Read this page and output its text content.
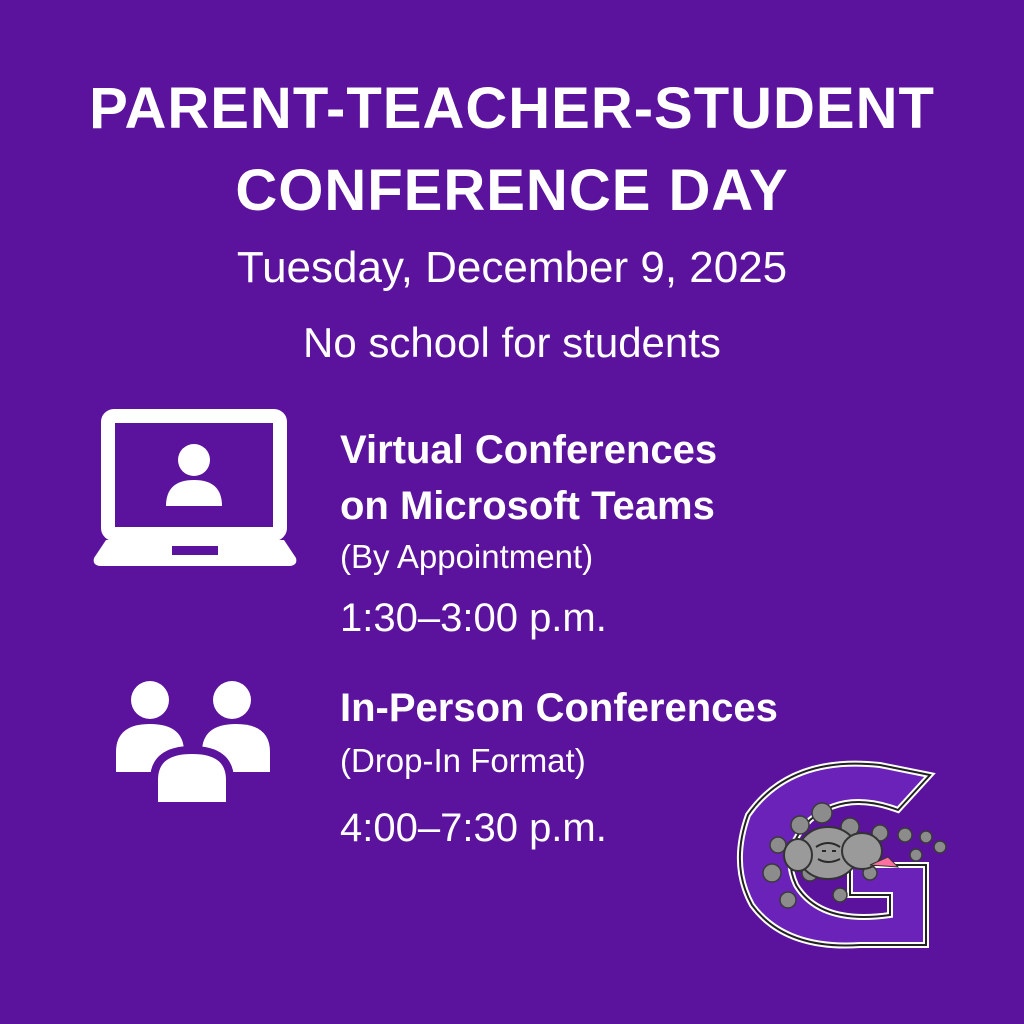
PARENT-TEACHER-STUDENT
CONFERENCE DAY
Tuesday, December 9, 2025
No school for students
Virtual Conferences
on Microsoft Teams
(By Appointment)
1:30–3:00 p.m.
In-Person Conferences
(Drop-In Format)
4:00–7:30 p.m.
